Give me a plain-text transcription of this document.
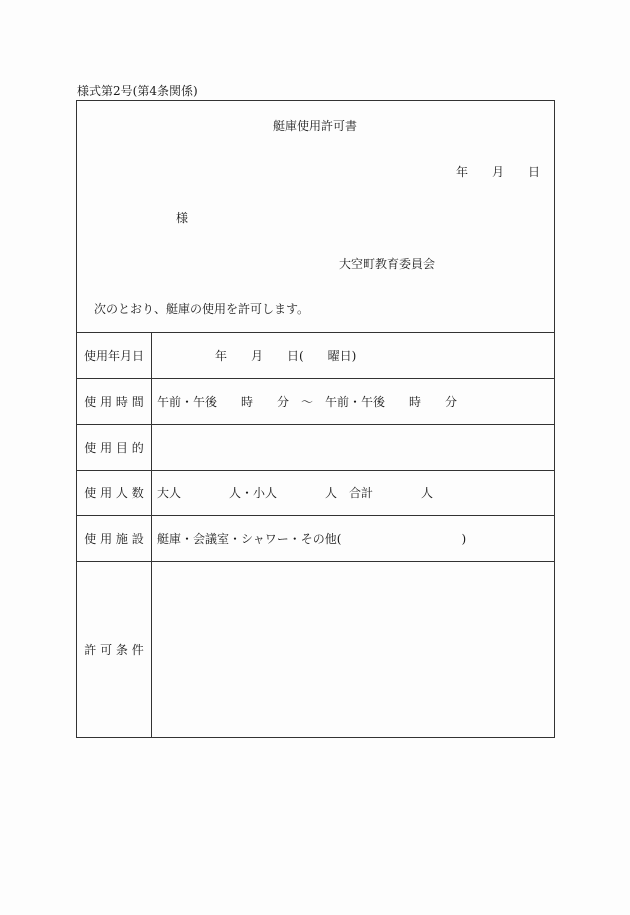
様式第2号(第4条関係)
艇庫使用許可書
年 月 日
様
大空町教育委員会
次のとおり、艇庫の使用を許可します。
使用年月日	年　　月　　日(　　曜日)
使 用 時 間	午前・午後　　時　　分　～　午前・午後　　時　　分
使 用 目 的
使 用 人 数	大人　　　　人・小人　　　　人　合計　　　　人
使 用 施 設	艇庫・会議室・シャワー・その他(　　　　　　　　　　)
許 可 条 件
